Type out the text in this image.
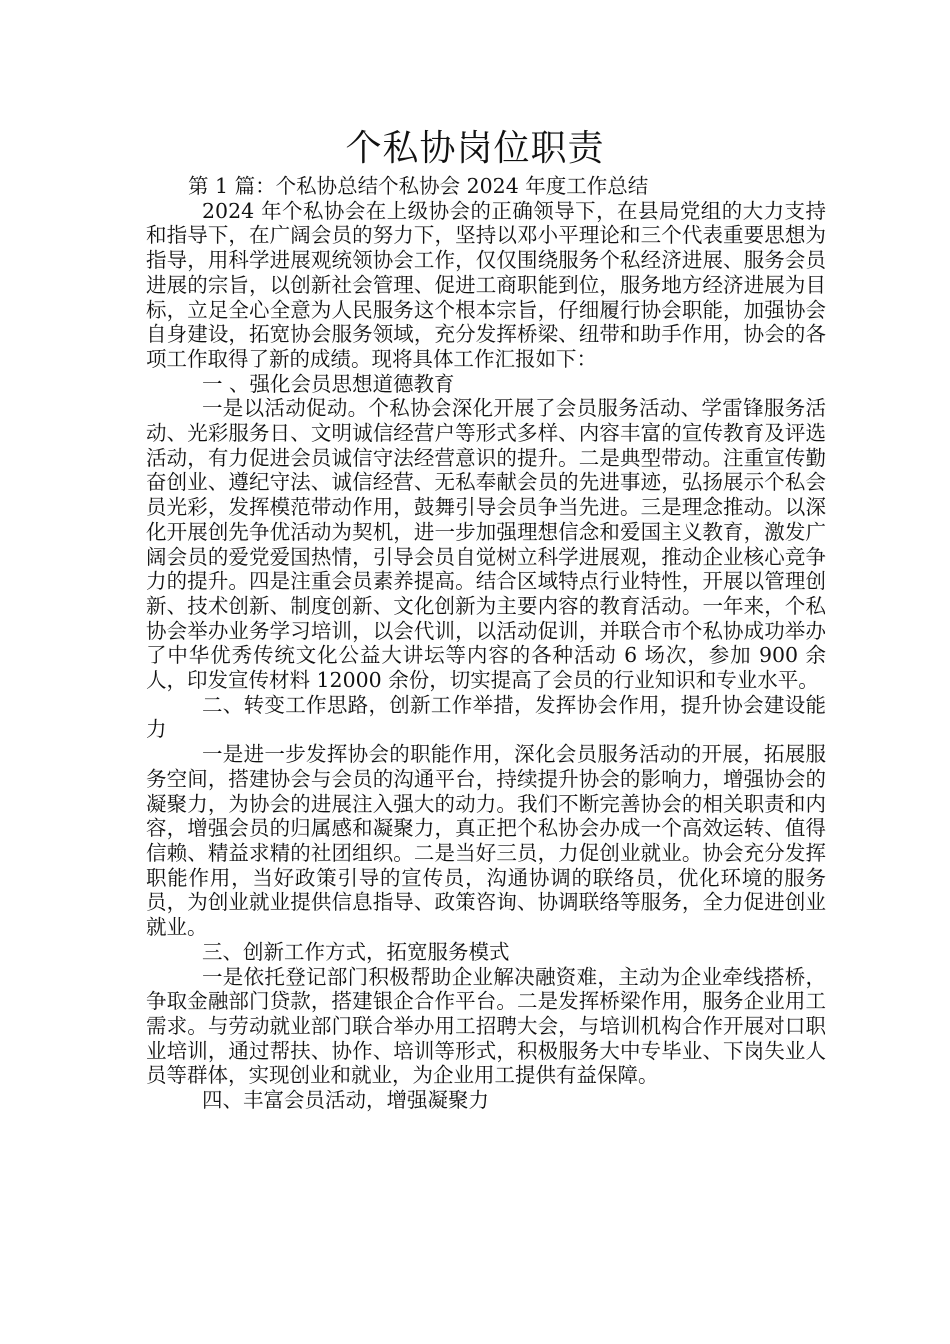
个私协岗位职责

第 1 篇：个私协总结个私协会 2024 年度工作总结

2024 年个私协会在上级协会的正确领导下，在县局党组的大力支持和指导下，在广阔会员的努力下，坚持以邓小平理论和三个代表重要思想为指导，用科学进展观统领协会工作，仅仅围绕服务个私经济进展、服务会员进展的宗旨，以创新社会管理、促进工商职能到位，服务地方经济进展为目标，立足全心全意为人民服务这个根本宗旨，仔细履行协会职能，加强协会自身建设，拓宽协会服务领域，充分发挥桥梁、纽带和助手作用，协会的各项工作取得了新的成绩。现将具体工作汇报如下：

一 、强化会员思想道德教育

一是以活动促动。个私协会深化开展了会员服务活动、学雷锋服务活动、光彩服务日、文明诚信经营户等形式多样、内容丰富的宣传教育及评选活动，有力促进会员诚信守法经营意识的提升。二是典型带动。注重宣传勤奋创业、遵纪守法、诚信经营、无私奉献会员的先进事迹，弘扬展示个私会员光彩，发挥模范带动作用，鼓舞引导会员争当先进。三是理念推动。以深化开展创先争优活动为契机，进一步加强理想信念和爱国主义教育，激发广阔会员的爱党爱国热情，引导会员自觉树立科学进展观，推动企业核心竞争力的提升。四是注重会员素养提高。结合区域特点行业特性，开展以管理创新、技术创新、制度创新、文化创新为主要内容的教育活动。一年来，个私协会举办业务学习培训，以会代训，以活动促训，并联合市个私协成功举办了中华优秀传统文化公益大讲坛等内容的各种活动 6 场次，参加 900 余人，印发宣传材料 12000 余份，切实提高了会员的行业知识和专业水平。

二、转变工作思路，创新工作举措，发挥协会作用，提升协会建设能力

一是进一步发挥协会的职能作用，深化会员服务活动的开展，拓展服务空间，搭建协会与会员的沟通平台，持续提升协会的影响力，增强协会的凝聚力，为协会的进展注入强大的动力。我们不断完善协会的相关职责和内容，增强会员的归属感和凝聚力，真正把个私协会办成一个高效运转、值得信赖、精益求精的社团组织。二是当好三员，力促创业就业。协会充分发挥职能作用，当好政策引导的宣传员，沟通协调的联络员，优化环境的服务员，为创业就业提供信息指导、政策咨询、协调联络等服务，全力促进创业就业。

三、创新工作方式，拓宽服务模式

一是依托登记部门积极帮助企业解决融资难，主动为企业牵线搭桥，争取金融部门贷款，搭建银企合作平台。二是发挥桥梁作用，服务企业用工需求。与劳动就业部门联合举办用工招聘大会，与培训机构合作开展对口职业培训，通过帮扶、协作、培训等形式，积极服务大中专毕业、下岗失业人员等群体，实现创业和就业，为企业用工提供有益保障。

四、丰富会员活动，增强凝聚力
